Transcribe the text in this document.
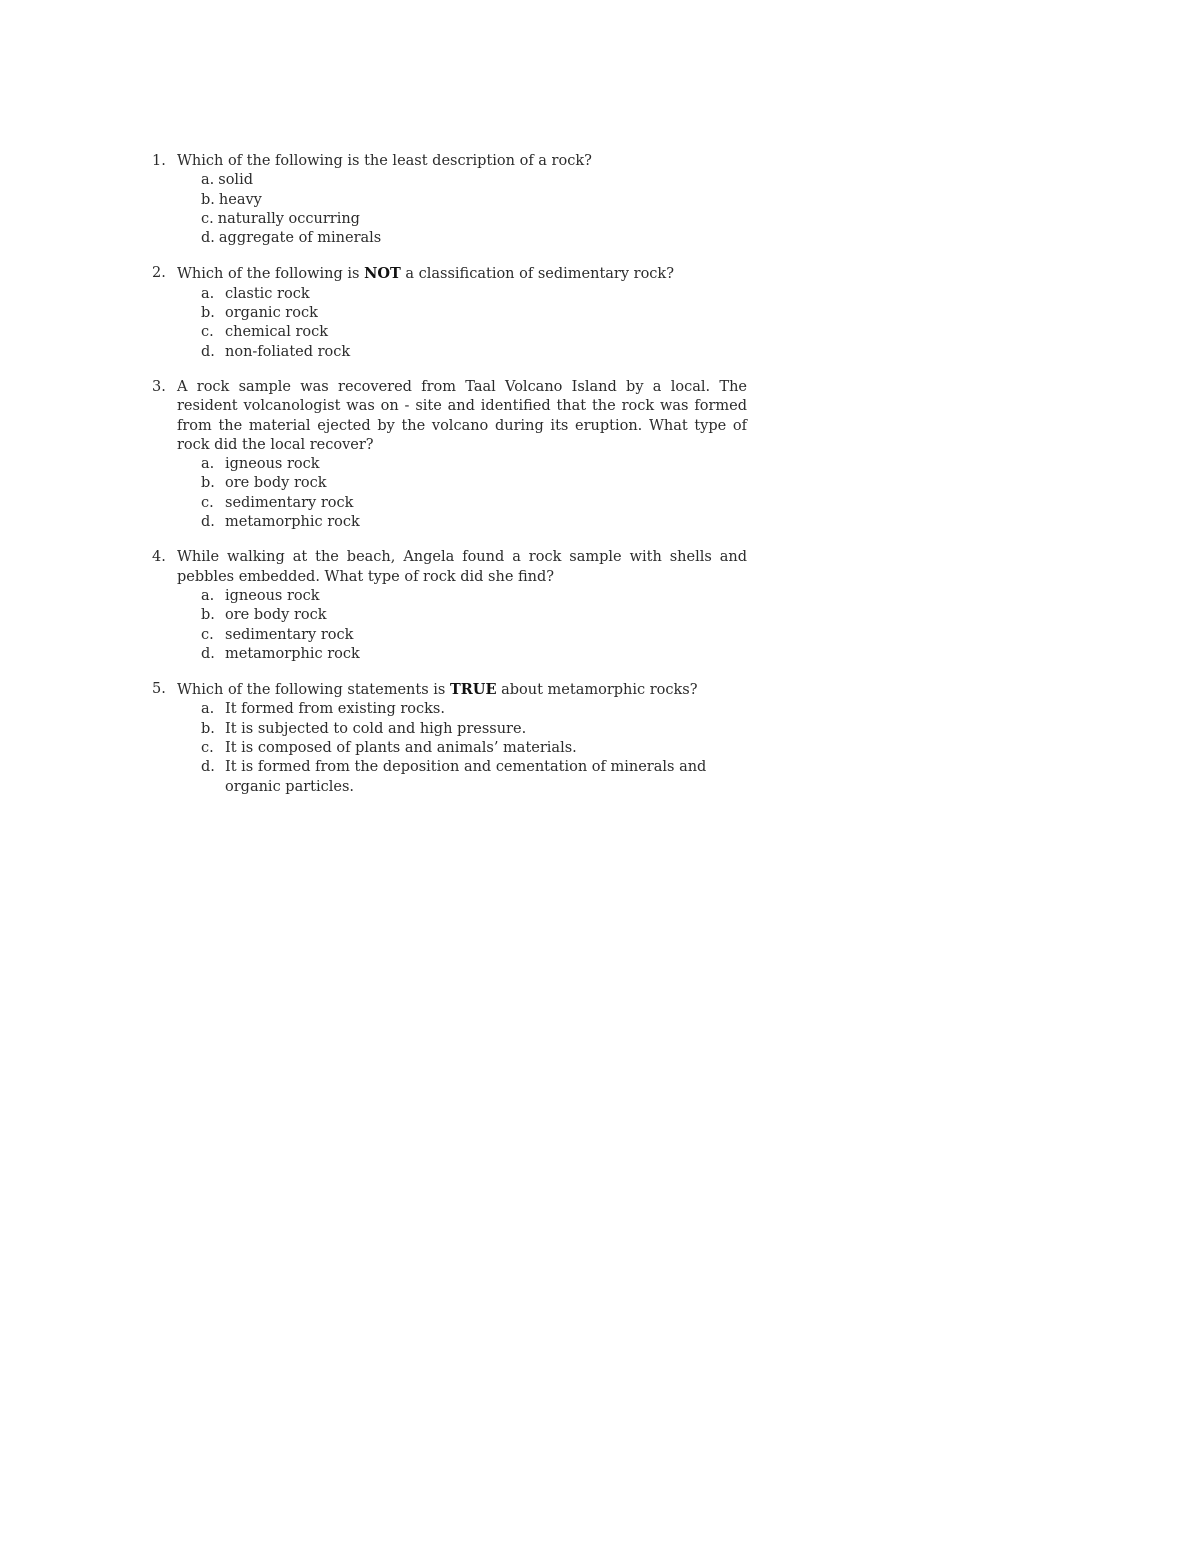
1. Which of the following is the least description of a rock?
a. solid
b. heavy
c. naturally occurring
d. aggregate of minerals
2. Which of the following is NOT a classification of sedimentary rock?
a. clastic rock
b. organic rock
c. chemical rock
d. non-foliated rock
3. A rock sample was recovered from Taal Volcano Island by a local. The resident volcanologist was on - site and identified that the rock was formed from the material ejected by the volcano during its eruption. What type of rock did the local recover?
a. igneous rock
b. ore body rock
c. sedimentary rock
d. metamorphic rock
4. While walking at the beach, Angela found a rock sample with shells and pebbles embedded. What type of rock did she find?
a. igneous rock
b. ore body rock
c. sedimentary rock
d. metamorphic rock
5. Which of the following statements is TRUE about metamorphic rocks?
a. It formed from existing rocks.
b. It is subjected to cold and high pressure.
c. It is composed of plants and animals’ materials.
d. It is formed from the deposition and cementation of minerals and organic particles.
